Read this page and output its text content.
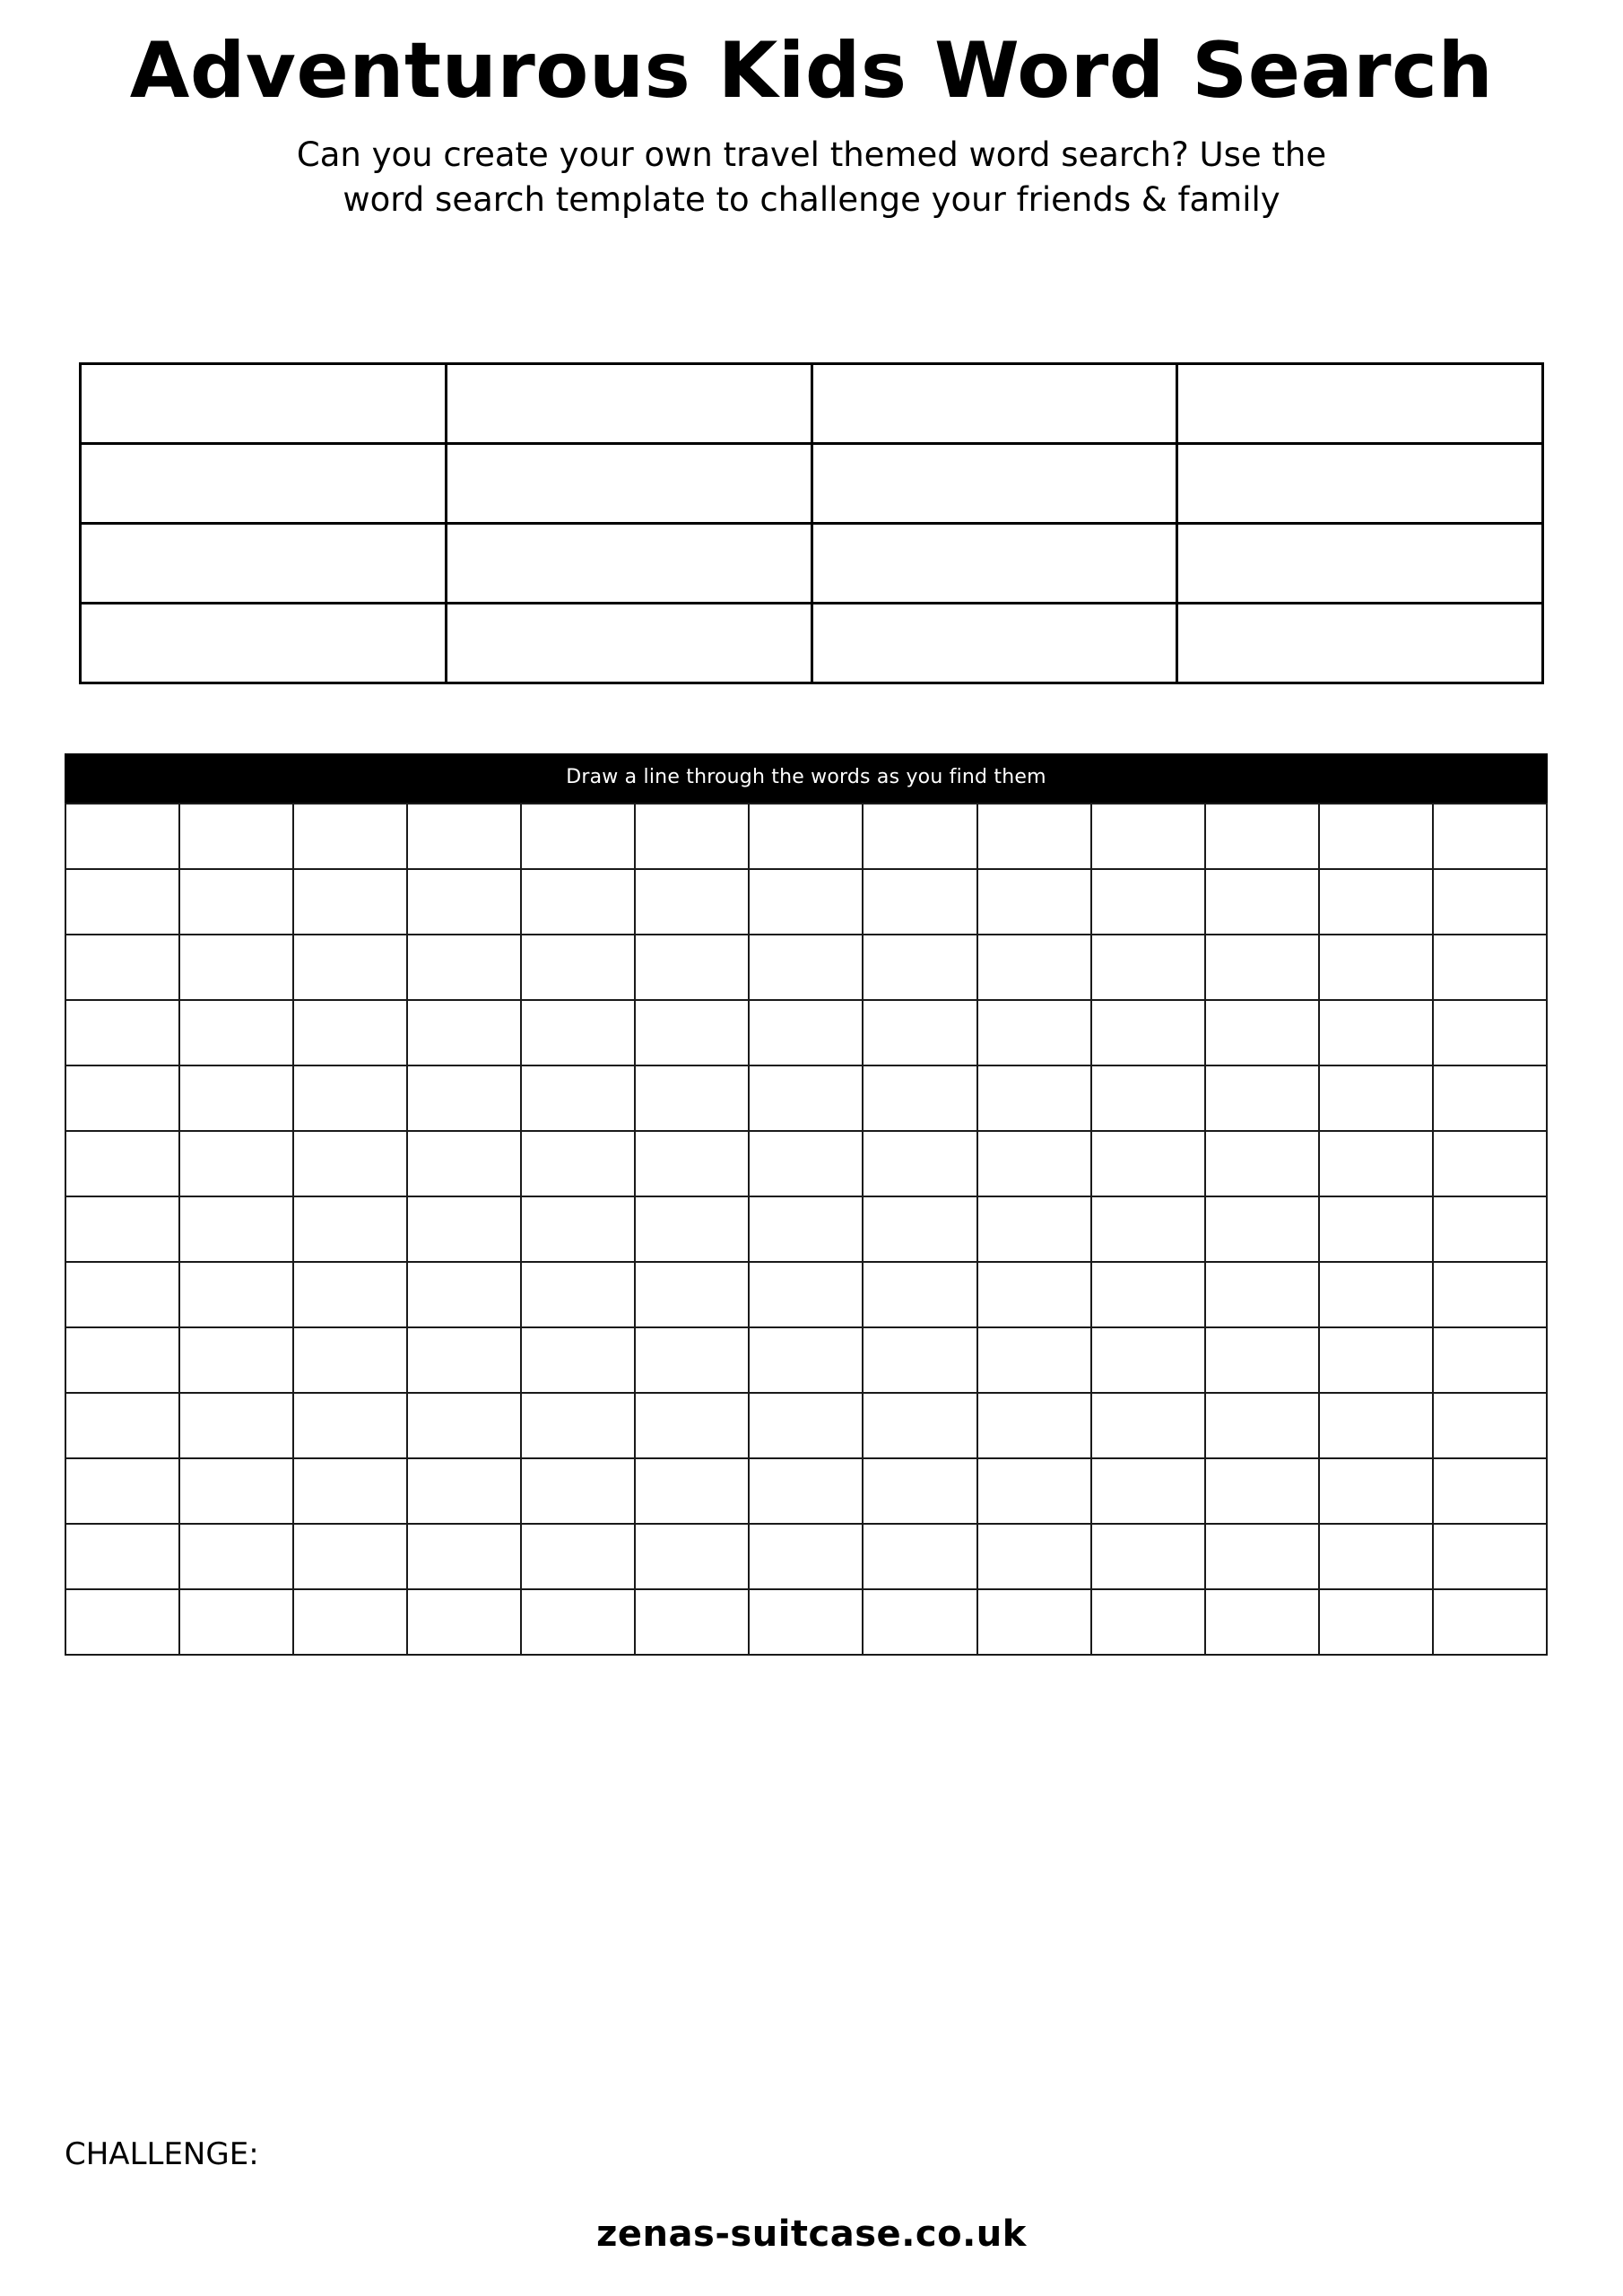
Adventurous Kids Word Search

Can you create your own travel themed word search? Use the
word search template to challenge your friends & family

Draw a line through the words as you find them

CHALLENGE:
zenas-suitcase.co.uk
